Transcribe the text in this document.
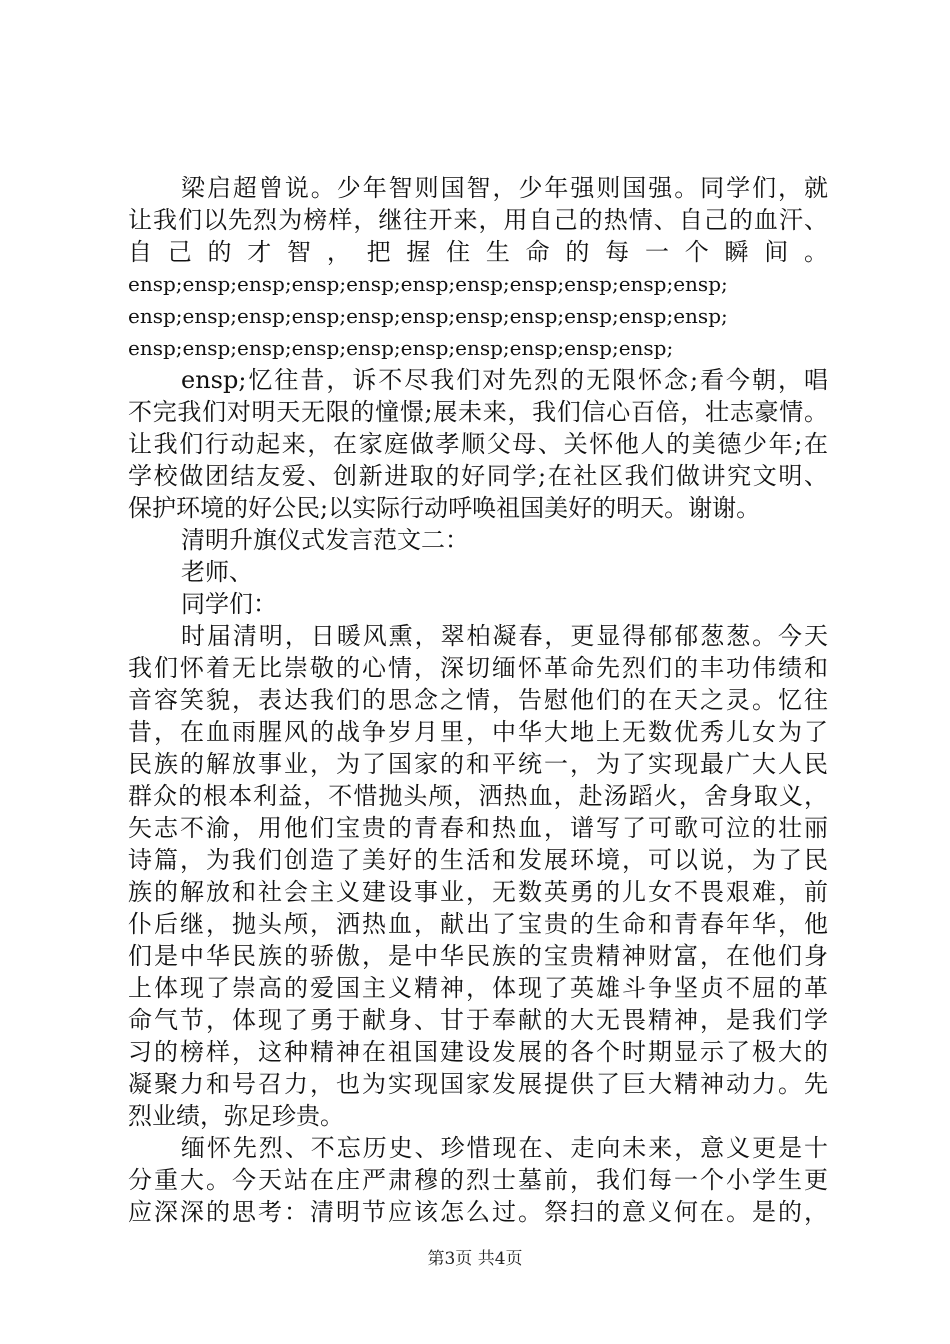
梁启超曾说。少年智则国智，少年强则国强。同学们，就
让我们以先烈为榜样，继往开来，用自己的热情、自己的血汗、
自己的才智，把握住生命的每一个瞬间。
ensp;ensp;ensp;ensp;ensp;ensp;ensp;ensp;ensp;ensp;ensp;
ensp;ensp;ensp;ensp;ensp;ensp;ensp;ensp;ensp;ensp;ensp;
ensp;ensp;ensp;ensp;ensp;ensp;ensp;ensp;ensp;ensp;
ensp;忆往昔，诉不尽我们对先烈的无限怀念;看今朝，唱
不完我们对明天无限的憧憬;展未来，我们信心百倍，壮志豪情。
让我们行动起来，在家庭做孝顺父母、关怀他人的美德少年;在
学校做团结友爱、创新进取的好同学;在社区我们做讲究文明、
保护环境的好公民;以实际行动呼唤祖国美好的明天。谢谢。
清明升旗仪式发言范文二：
老师、
同学们：
时届清明，日暖风熏，翠柏凝春，更显得郁郁葱葱。今天
我们怀着无比崇敬的心情，深切缅怀革命先烈们的丰功伟绩和
音容笑貌，表达我们的思念之情，告慰他们的在天之灵。忆往
昔，在血雨腥风的战争岁月里，中华大地上无数优秀儿女为了
民族的解放事业，为了国家的和平统一，为了实现最广大人民
群众的根本利益，不惜抛头颅，洒热血，赴汤蹈火，舍身取义，
矢志不渝，用他们宝贵的青春和热血，谱写了可歌可泣的壮丽
诗篇，为我们创造了美好的生活和发展环境，可以说，为了民
族的解放和社会主义建设事业，无数英勇的儿女不畏艰难，前
仆后继，抛头颅，洒热血，献出了宝贵的生命和青春年华，他
们是中华民族的骄傲，是中华民族的宝贵精神财富，在他们身
上体现了崇高的爱国主义精神，体现了英雄斗争坚贞不屈的革
命气节，体现了勇于献身、甘于奉献的大无畏精神，是我们学
习的榜样，这种精神在祖国建设发展的各个时期显示了极大的
凝聚力和号召力，也为实现国家发展提供了巨大精神动力。先
烈业绩，弥足珍贵。
缅怀先烈、不忘历史、珍惜现在、走向未来，意义更是十
分重大。今天站在庄严肃穆的烈士墓前，我们每一个小学生更
应深深的思考：清明节应该怎么过。祭扫的意义何在。是的，
第3页 共4页
